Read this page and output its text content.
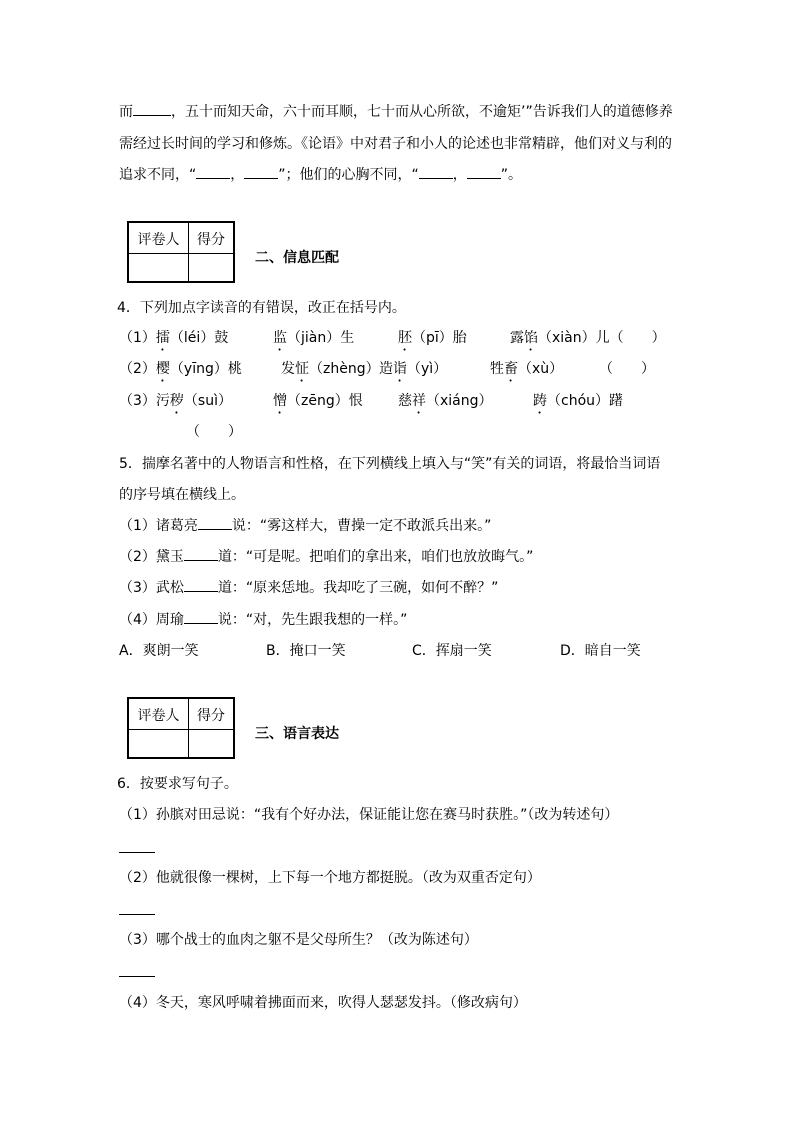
而	，五十而知天命，六十而耳顺，七十而从心所欲，不逾矩’”告诉我们人的道德修养
需经过长时间的学习和修炼。《论语》中对君子和小人的论述也非常精辟，他们对义与利的
追求不同，“ ， ”；他们的心胸不同，“ ， ”。
评卷人	得分
二、信息匹配
4．下列加点字读音的有错误，改正在括号内。
（1）擂（léi）鼓	监（jiàn）生	胚（pī）胎	露馅（xiàn）儿（　　）
（2）樱（yīng）桃	发怔（zhèng） 造诣（yì）	牲畜（xù）	（　　）
（3）污秽（suì）	憎（zēng）恨	慈祥（xiáng）	踌（chóu）躇
（　　）
5．揣摩名著中的人物语言和性格，在下列横线上填入与“笑”有关的词语，将最恰当词语
的序号填在横线上。
（1）诸葛亮 说：“雾这样大，曹操一定不敢派兵出来。”
（2）黛玉 道：“可是呢。把咱们的拿出来，咱们也放放晦气。”
（3）武松 道：“原来恁地。我却吃了三碗，如何不醉？”
（4）周瑜 说：“对，先生跟我想的一样。”
A．爽朗一笑	B．掩口一笑	C．挥扇一笑	D．暗自一笑
评卷人	得分
三、语言表达
6．按要求写句子。
（1）孙膑对田忌说：“我有个好办法，保证能让您在赛马时获胜。”（改为转述句）
（2）他就很像一棵树，上下每一个地方都挺脱。（改为双重否定句）
（3）哪个战士的血肉之躯不是父母所生？（改为陈述句）
（4）冬天，寒风呼啸着拂面而来，吹得人瑟瑟发抖。（修改病句）
